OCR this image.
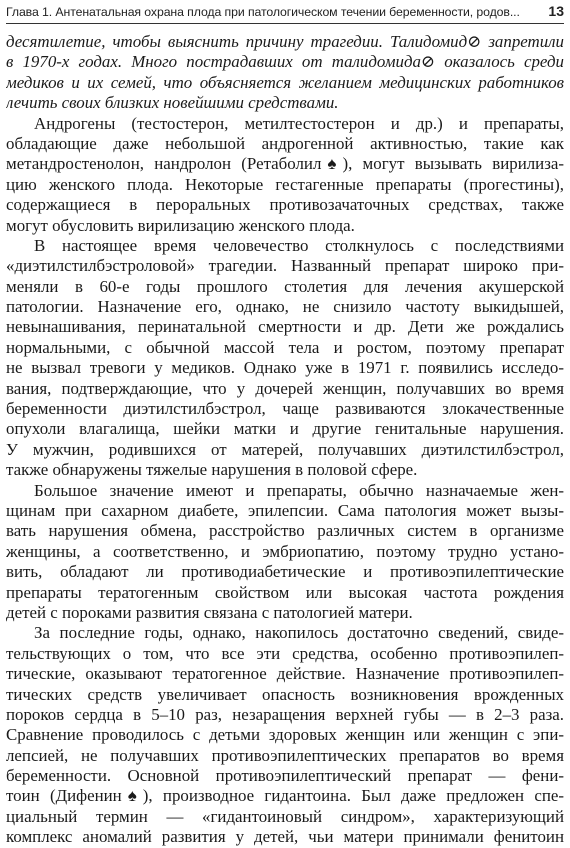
Глава 1. Антенатальная охрана плода при патологическом течении беременности, родов...	13
десятилетие, чтобы выяснить причину трагедии. Талидомид⊘ запретили
в 1970-х годах. Много пострадавших от талидомида⊘ оказалось среди
медиков и их семей, что объясняется желанием медицинских работников
лечить своих близких новейшими средствами.
Андрогены (тестостерон, метилтестостерон и др.) и препараты,
обладающие даже небольшой андрогенной активностью, такие как
метандростенолон, нандролон (Ретаболил♠), могут вызывать вирилиза-
цию женского плода. Некоторые гестагенные препараты (прогестины),
содержащиеся в пероральных противозачаточных средствах, также
могут обусловить вирилизацию женского плода.
В настоящее время человечество столкнулось с последствиями
«диэтилстилбэстроловой» трагедии. Названный препарат широко при-
меняли в 60-е годы прошлого столетия для лечения акушерской
патологии. Назначение его, однако, не снизило частоту выкидышей,
невынашивания, перинатальной смертности и др. Дети же рождались
нормальными, с обычной массой тела и ростом, поэтому препарат
не вызвал тревоги у медиков. Однако уже в 1971 г. появились исследо-
вания, подтверждающие, что у дочерей женщин, получавших во время
беременности диэтилстилбэстрол, чаще развиваются злокачественные
опухоли влагалища, шейки матки и другие генитальные нарушения.
У мужчин, родившихся от матерей, получавших диэтилстилбэстрол,
также обнаружены тяжелые нарушения в половой сфере.
Большое значение имеют и препараты, обычно назначаемые жен-
щинам при сахарном диабете, эпилепсии. Сама патология может вызы-
вать нарушения обмена, расстройство различных систем в организме
женщины, а соответственно, и эмбриопатию, поэтому трудно устано-
вить, обладают ли противодиабетические и противоэпилептические
препараты тератогенным свойством или высокая частота рождения
детей с пороками развития связана с патологией матери.
За последние годы, однако, накопилось достаточно сведений, свиде-
тельствующих о том, что все эти средства, особенно противоэпилеп-
тические, оказывают тератогенное действие. Назначение противоэпилеп-
тических средств увеличивает опасность возникновения врожденных
пороков сердца в 5–10 раз, незаращения верхней губы — в 2–3 раза.
Сравнение проводилось с детьми здоровых женщин или женщин с эпи-
лепсией, не получавших противоэпилептических препаратов во время
беременности. Основной противоэпилептический препарат — фени-
тоин (Дифенин♠), производное гидантоина. Был даже предложен спе-
циальный термин — «гидантоиновый синдром», характеризующий
комплекс аномалий развития у детей, чьи матери принимали фенитоин
